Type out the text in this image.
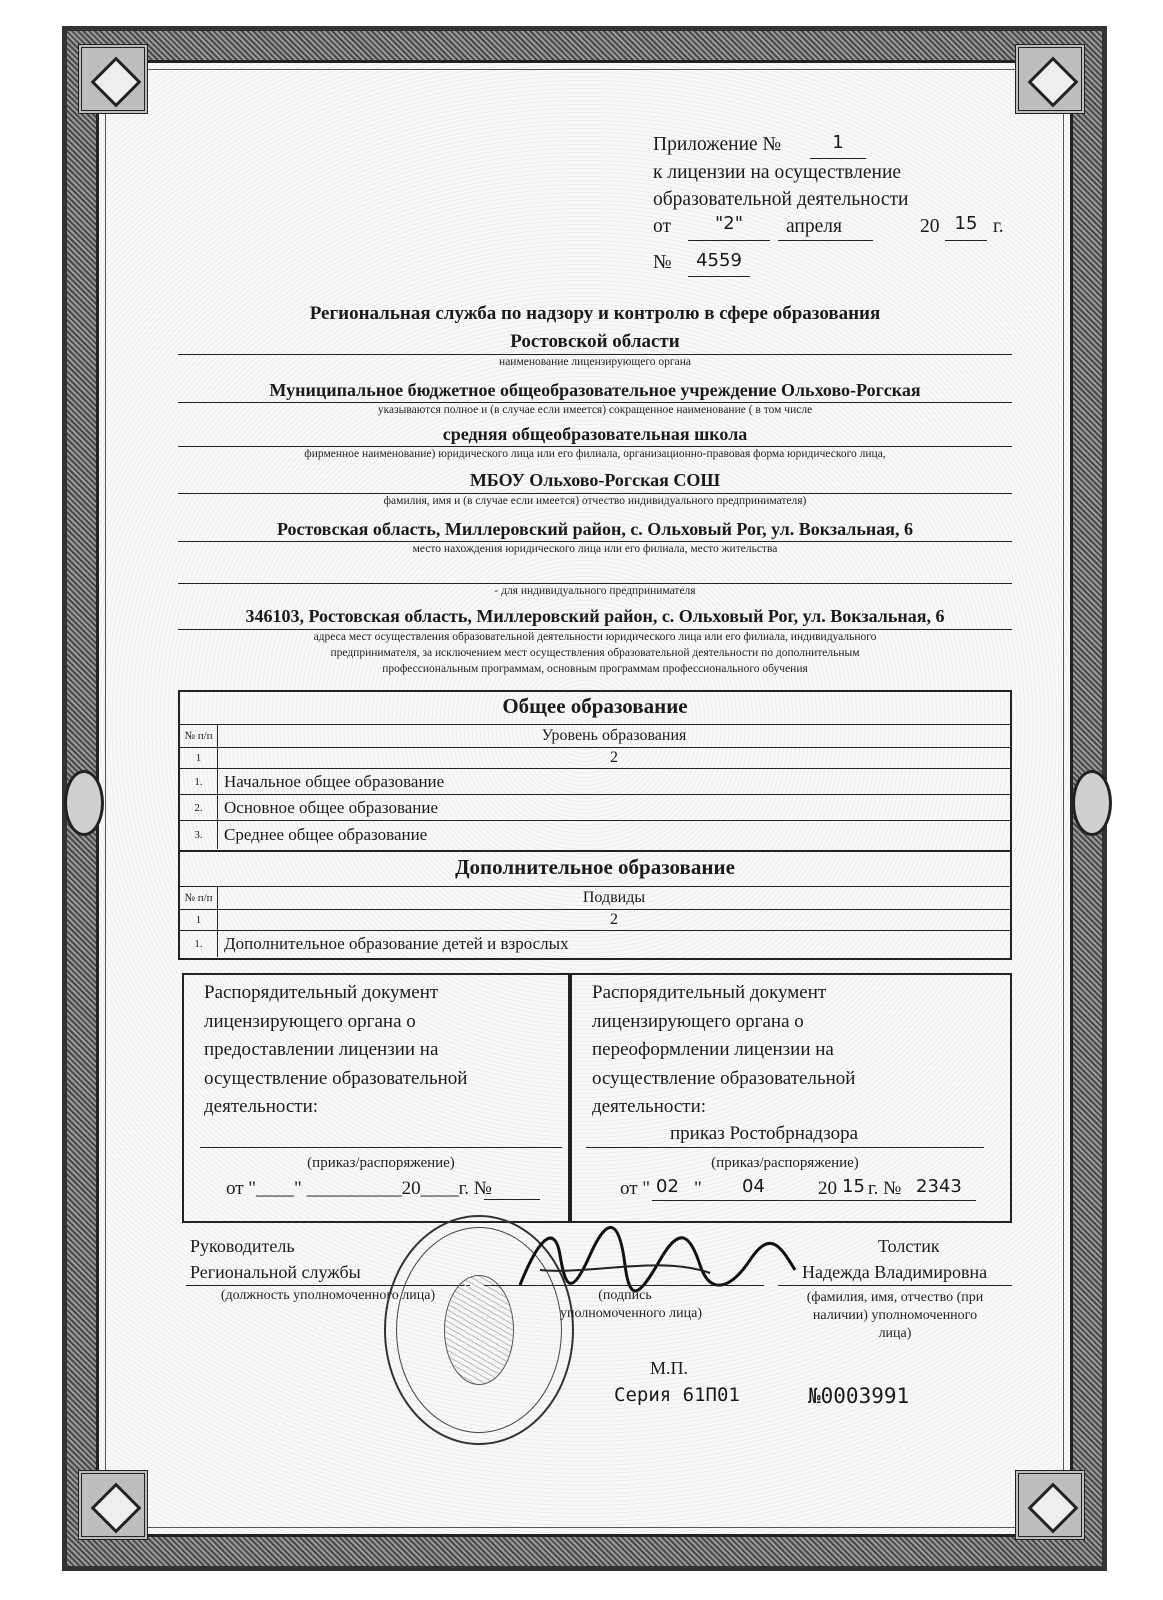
Приложение №	1
к лицензии на осуществление
образовательной деятельности
от	"2"	апреля	20 15 г.
№	4559
Региональная служба по надзору и контролю в сфере образования
Ростовской области
наименование лицензирующего органа
Муниципальное бюджетное общеобразовательное учреждение Ольхово-Рогская
указываются полное и (в случае если имеется) сокращенное наименование ( в том числе
средняя общеобразовательная школа
фирменное наименование) юридического лица или его филиала, организационно-правовая форма юридического лица,
МБОУ Ольхово-Рогская СОШ
фамилия, имя и (в случае если имеется) отчество индивидуального предпринимателя)
Ростовская область, Миллеровский район, с. Ольховый Рог, ул. Вокзальная, 6
место нахождения юридического лица или его филиала, место жительства
- для индивидуального предпринимателя
346103, Ростовская область, Миллеровский район, с. Ольховый Рог, ул. Вокзальная, 6
адреса мест осуществления образовательной деятельности юридического лица или его филиала, индивидуального
предпринимателя, за исключением мест осуществления образовательной деятельности по дополнительным
профессиональным программам, основным программам профессионального обучения
Общее образование
№ п/п	Уровень образования
1	2
1.	Начальное общее образование
2.	Основное общее образование
3.	Среднее общее образование
Дополнительное образование
№ п/п	Подвиды
1	2
1.	Дополнительное образование детей и взрослых
Распорядительный документ
лицензирующего органа о
предоставлении лицензии на
осуществление образовательной
деятельности:
(приказ/распоряжение)
от "____" __________20____г. №
Распорядительный документ
лицензирующего органа о
переоформлении лицензии на
осуществление образовательной
деятельности:
приказ Ростобрнадзора
(приказ/распоряжение)
от " 02 " 04	20 15 г. № 2343
Руководитель
Региональной службы
(должность уполномоченного лица)	(подпись
уполномоченного лица)
Толстик
Надежда Владимировна
(фамилия, имя, отчество (при
наличии) уполномоченного
лица)
М.П.
Серия 61П01	№0003991
